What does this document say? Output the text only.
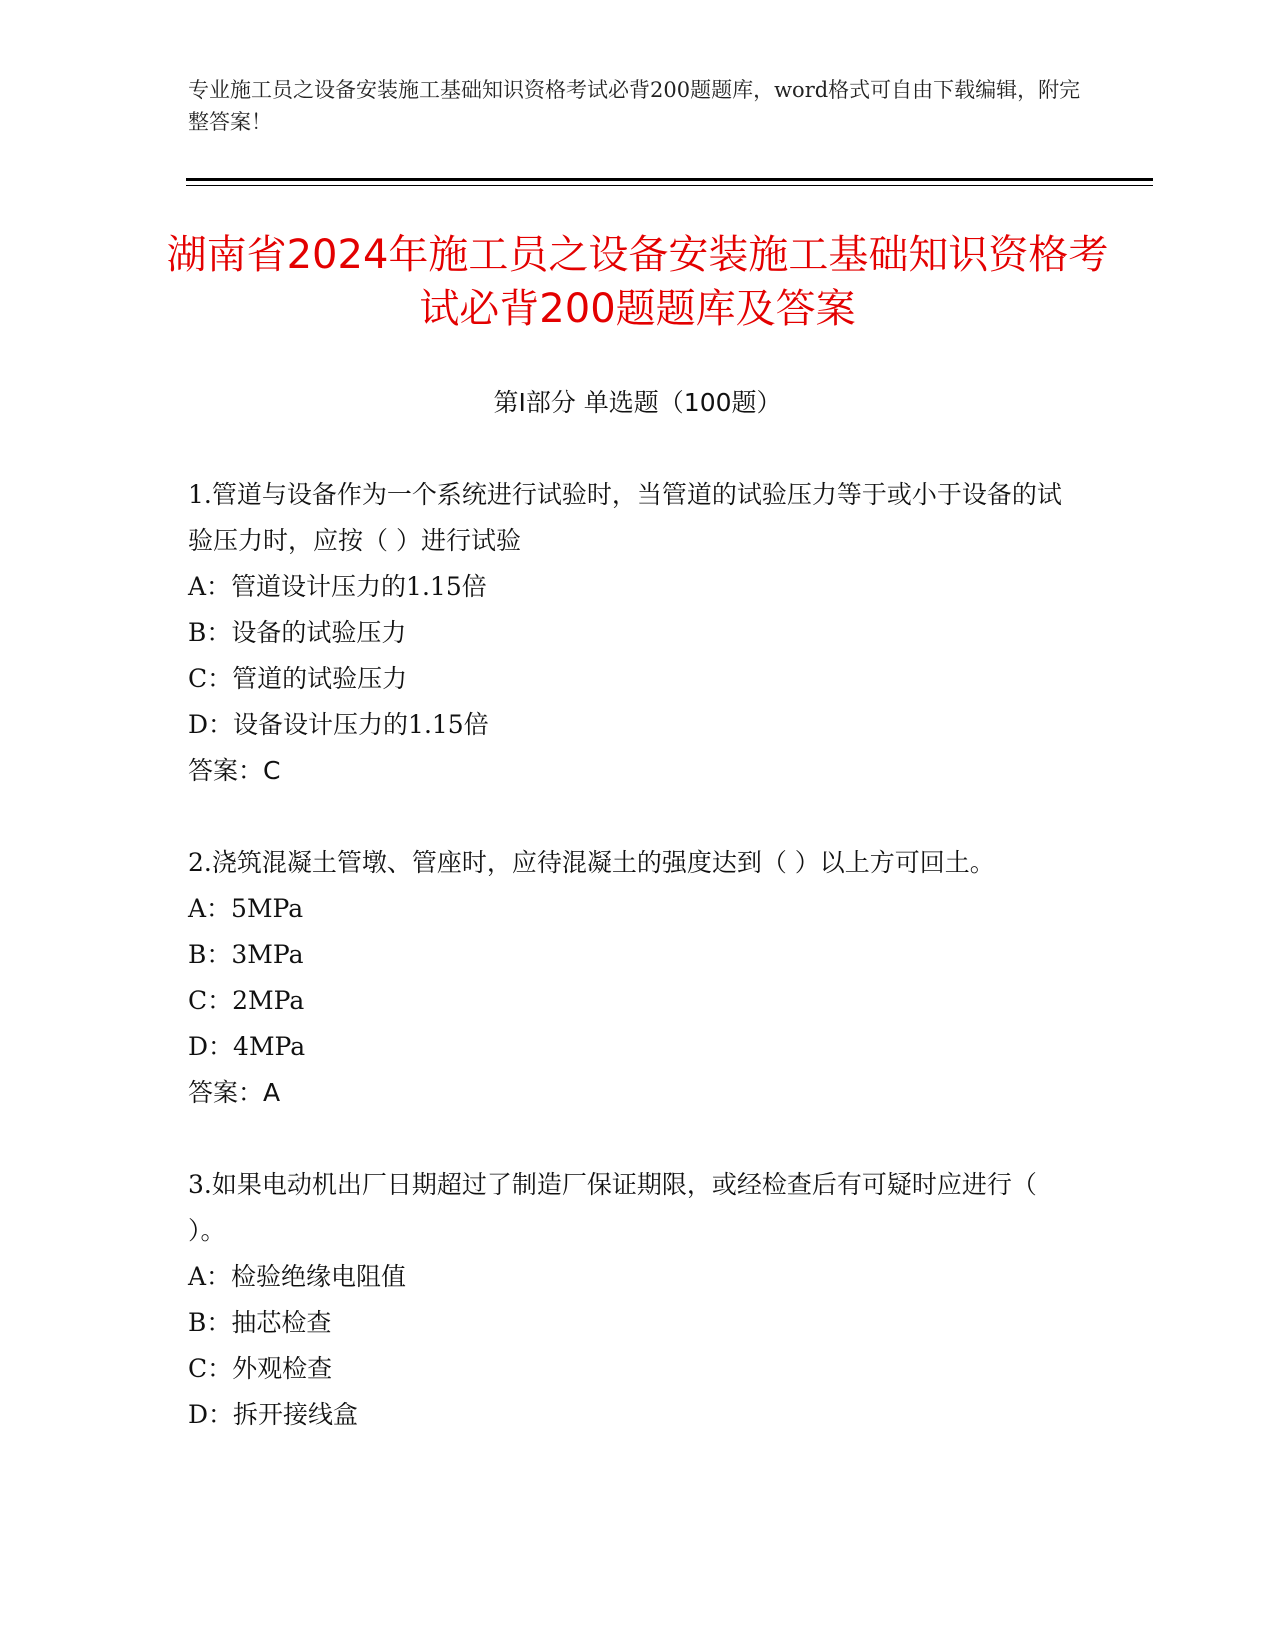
专业施工员之设备安装施工基础知识资格考试必背200题题库，word格式可自由下载编辑，附完整答案！
湖南省2024年施工员之设备安装施工基础知识资格考试必背200题题库及答案
第I部分 单选题（100题）
1.管道与设备作为一个系统进行试验时，当管道的试验压力等于或小于设备的试验压力时，应按（ ）进行试验
A：管道设计压力的1.15倍
B：设备的试验压力
C：管道的试验压力
D：设备设计压力的1.15倍
答案：C
2.浇筑混凝土管墩、管座时，应待混凝土的强度达到（ ）以上方可回土。
A：5MPa
B：3MPa
C：2MPa
D：4MPa
答案：A
3.如果电动机出厂日期超过了制造厂保证期限，或经检查后有可疑时应进行（ ）。
A：检验绝缘电阻值
B：抽芯检查
C：外观检查
D：拆开接线盒
